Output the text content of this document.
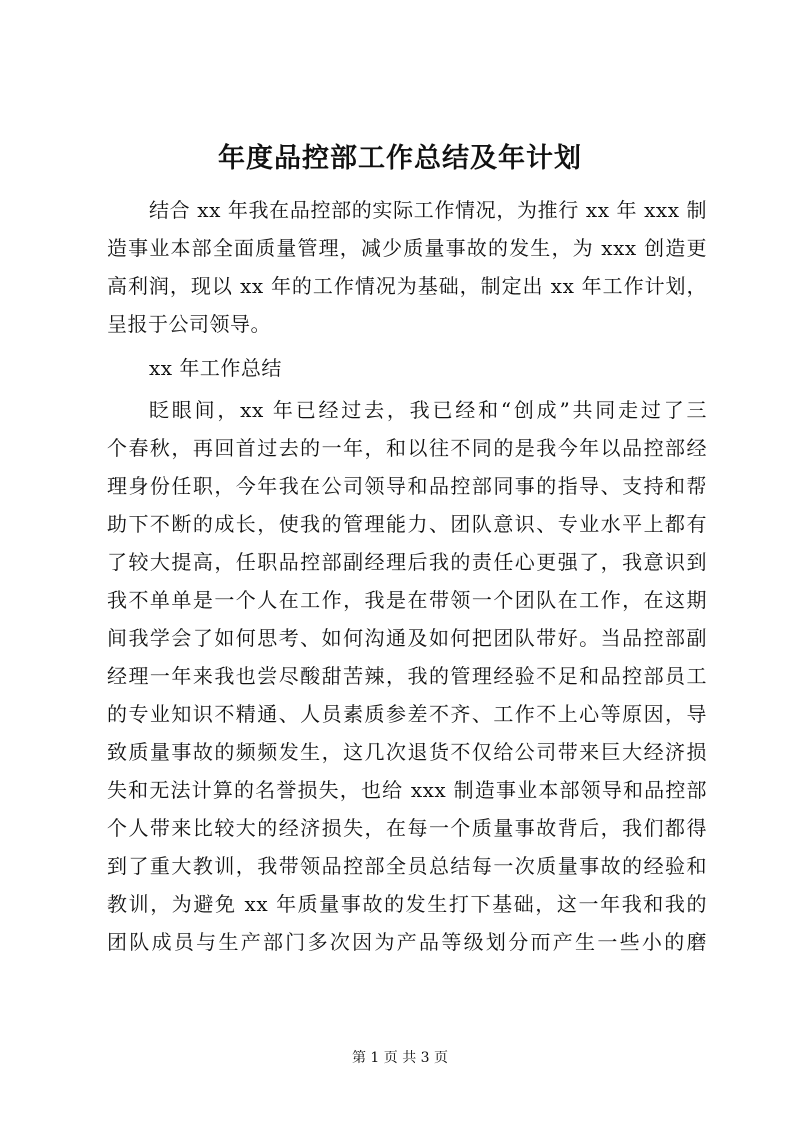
年度品控部工作总结及年计划
结合 xx 年我在品控部的实际工作情况，为推行 xx 年 xxx 制
造事业本部全面质量管理，减少质量事故的发生，为 xxx 创造更
高利润，现以 xx 年的工作情况为基础，制定出 xx 年工作计划，
呈报于公司领导。
xx 年工作总结
眨眼间，xx 年已经过去，我已经和“创成”共同走过了三
个春秋，再回首过去的一年，和以往不同的是我今年以品控部经
理身份任职，今年我在公司领导和品控部同事的指导、支持和帮
助下不断的成长，使我的管理能力、团队意识、专业水平上都有
了较大提高，任职品控部副经理后我的责任心更强了，我意识到
我不单单是一个人在工作，我是在带领一个团队在工作，在这期
间我学会了如何思考、如何沟通及如何把团队带好。当品控部副
经理一年来我也尝尽酸甜苦辣，我的管理经验不足和品控部员工
的专业知识不精通、人员素质参差不齐、工作不上心等原因，导
致质量事故的频频发生，这几次退货不仅给公司带来巨大经济损
失和无法计算的名誉损失，也给 xxx 制造事业本部领导和品控部
个人带来比较大的经济损失，在每一个质量事故背后，我们都得
到了重大教训，我带领品控部全员总结每一次质量事故的经验和
教训，为避免 xx 年质量事故的发生打下基础，这一年我和我的
团队成员与生产部门多次因为产品等级划分而产生一些小的磨
第 1 页 共 3 页
